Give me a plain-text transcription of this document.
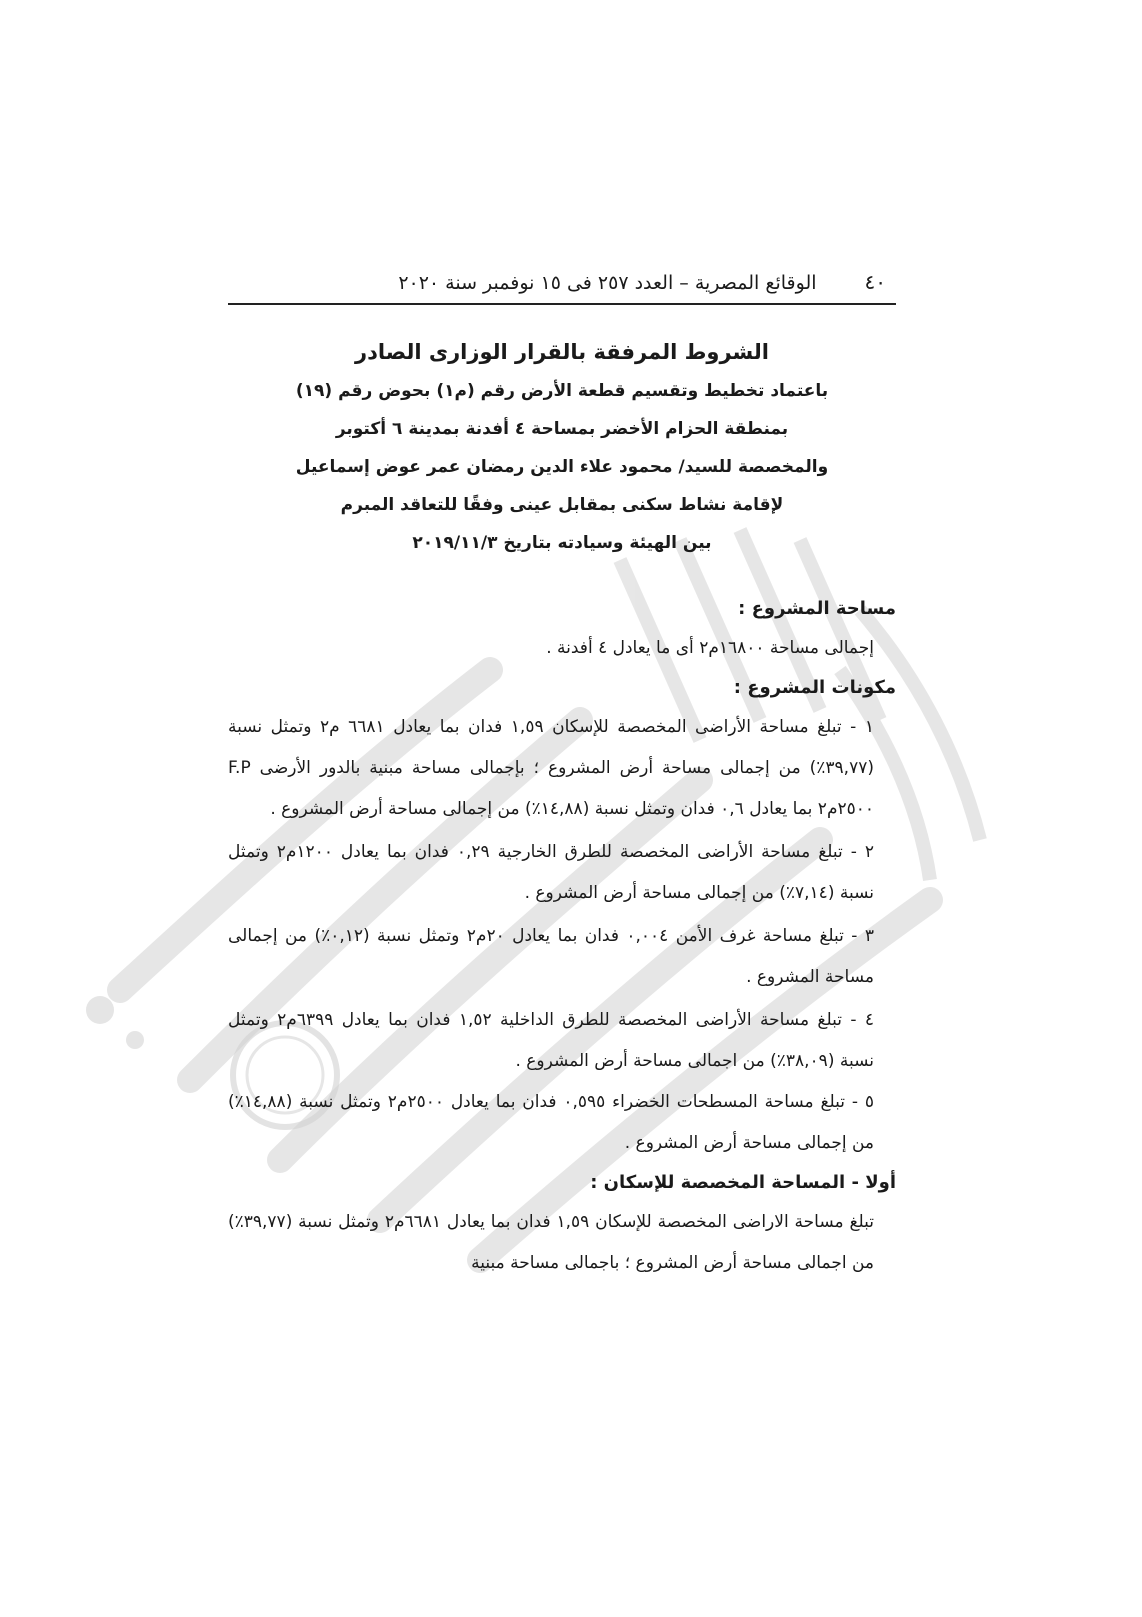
٤٠
الوقائع المصرية – العدد ٢٥٧ فى ١٥ نوفمبر سنة ٢٠٢٠
الشروط المرفقة بالقرار الوزارى الصادر
باعتماد تخطيط وتقسيم قطعة الأرض رقم (م١) بحوض رقم (١٩)
بمنطقة الحزام الأخضر بمساحة ٤ أفدنة بمدينة ٦ أكتوبر
والمخصصة للسيد/ محمود علاء الدين رمضان عمر عوض إسماعيل
لإقامة نشاط سكنى بمقابل عينى وفقًا للتعاقد المبرم
بين الهيئة وسيادته بتاريخ ٢٠١٩/١١/٣

مساحة المشروع :

إجمالى مساحة ١٦٨٠٠م٢ أى ما يعادل ٤ أفدنة .

مكونات المشروع :

١ - تبلغ مساحة الأراضى المخصصة للإسكان ١,٥٩ فدان بما يعادل ٦٦٨١ م٢ وتمثل نسبة (٣٩,٧٧٪) من إجمالى مساحة أرض المشروع ؛ بإجمالى مساحة مبنية بالدور الأرضى F.P ٢٥٠٠م٢ بما يعادل ٠,٦ فدان وتمثل نسبة (١٤,٨٨٪) من إجمالى مساحة أرض المشروع .

٢ - تبلغ مساحة الأراضى المخصصة للطرق الخارجية ٠,٢٩ فدان بما يعادل ١٢٠٠م٢ وتمثل نسبة (٧,١٤٪) من إجمالى مساحة أرض المشروع .

٣ - تبلغ مساحة غرف الأمن ٠,٠٠٤ فدان بما يعادل ٢٠م٢ وتمثل نسبة (٠,١٢٪) من إجمالى مساحة المشروع .

٤ - تبلغ مساحة الأراضى المخصصة للطرق الداخلية ١,٥٢ فدان بما يعادل ٦٣٩٩م٢ وتمثل نسبة (٣٨,٠٩٪) من اجمالى مساحة أرض المشروع .

٥ - تبلغ مساحة المسطحات الخضراء ٠,٥٩٥ فدان بما يعادل ٢٥٠٠م٢ وتمثل نسبة (١٤,٨٨٪) من إجمالى مساحة أرض المشروع .

أولا - المساحة المخصصة للإسكان :

تبلغ مساحة الاراضى المخصصة للإسكان ١,٥٩ فدان بما يعادل ٦٦٨١م٢ وتمثل نسبة (٣٩,٧٧٪) من اجمالى مساحة أرض المشروع ؛ باجمالى مساحة مبنية
